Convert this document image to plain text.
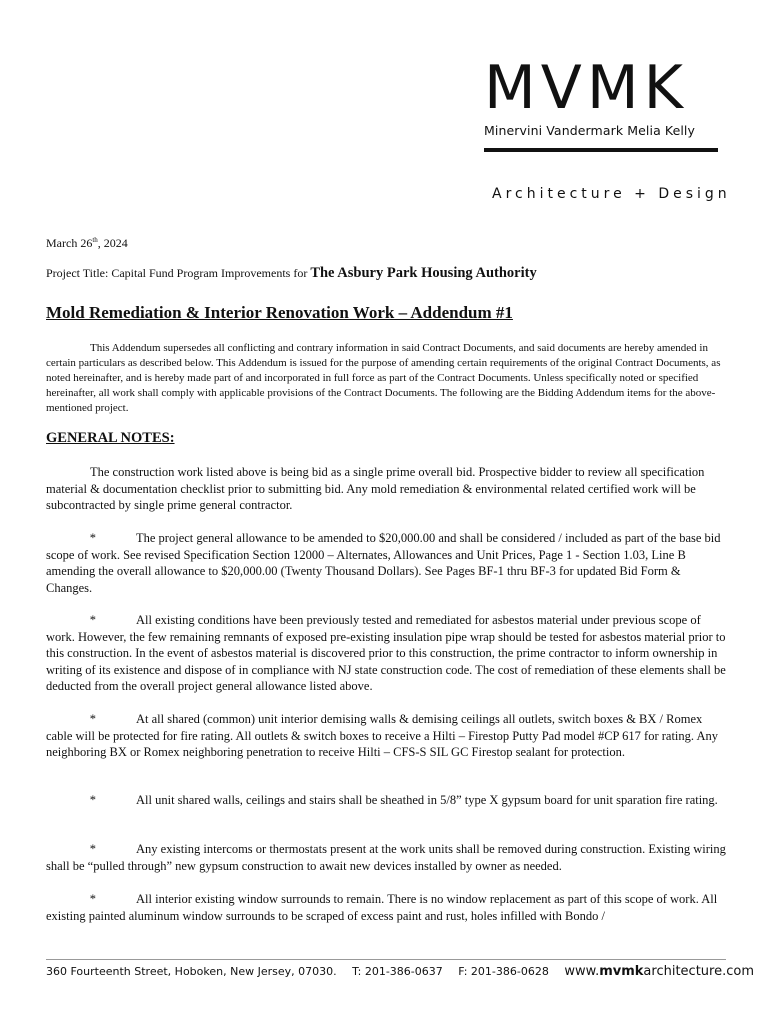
MVMK
Minervini Vandermark Melia Kelly
Architecture + Design
March 26th, 2024
Project Title: Capital Fund Program Improvements for The Asbury Park Housing Authority
Mold Remediation & Interior Renovation Work – Addendum #1

This Addendum supersedes all conflicting and contrary information in said Contract Documents, and said documents are hereby amended in certain particulars as described below. This Addendum is issued for the purpose of amending certain requirements of the original Contract Documents, as noted hereinafter, and is hereby made part of and incorporated in full force as part of the Contract Documents. Unless specifically noted or specified hereinafter, all work shall comply with applicable provisions of the Contract Documents. The following are the Bidding Addendum items for the above-mentioned project.

GENERAL NOTES:

The construction work listed above is being bid as a single prime overall bid. Prospective bidder to review all specification material & documentation checklist prior to submitting bid. Any mold remediation & environmental related certified work will be subcontracted by single prime general contractor.

*	The project general allowance to be amended to $20,000.00 and shall be considered / included as part of the base bid scope of work. See revised Specification Section 12000 – Alternates, Allowances and Unit Prices, Page 1 - Section 1.03, Line B amending the overall allowance to $20,000.00 (Twenty Thousand Dollars). See Pages BF-1 thru BF-3 for updated Bid Form & Changes.

*	All existing conditions have been previously tested and remediated for asbestos material under previous scope of work. However, the few remaining remnants of exposed pre-existing insulation pipe wrap should be tested for asbestos material prior to this construction. In the event of asbestos material is discovered prior to this construction, the prime contractor to inform ownership in writing of its existence and dispose of in compliance with NJ state construction code. The cost of remediation of these elements shall be deducted from the overall project general allowance listed above.

*	At all shared (common) unit interior demising walls & demising ceilings all outlets, switch boxes & BX / Romex cable will be protected for fire rating. All outlets & switch boxes to receive a Hilti – Firestop Putty Pad model #CP 617 for rating. Any neighboring BX or Romex neighboring penetration to receive Hilti – CFS-S SIL GC Firestop sealant for protection.

*	All unit shared walls, ceilings and stairs shall be sheathed in 5/8” type X gypsum board for unit sparation fire rating.

*	Any existing intercoms or thermostats present at the work units shall be removed during construction. Existing wiring shall be “pulled through” new gypsum construction to await new devices installed by owner as needed.

*	All interior existing window surrounds to remain. There is no window replacement as part of this scope of work. All existing painted aluminum window surrounds to be scraped of excess paint and rust, holes infilled with Bondo /

360 Fourteenth Street, Hoboken, New Jersey, 07030. T: 201-386-0637 F: 201-386-0628 www.mvmkarchitecture.com
